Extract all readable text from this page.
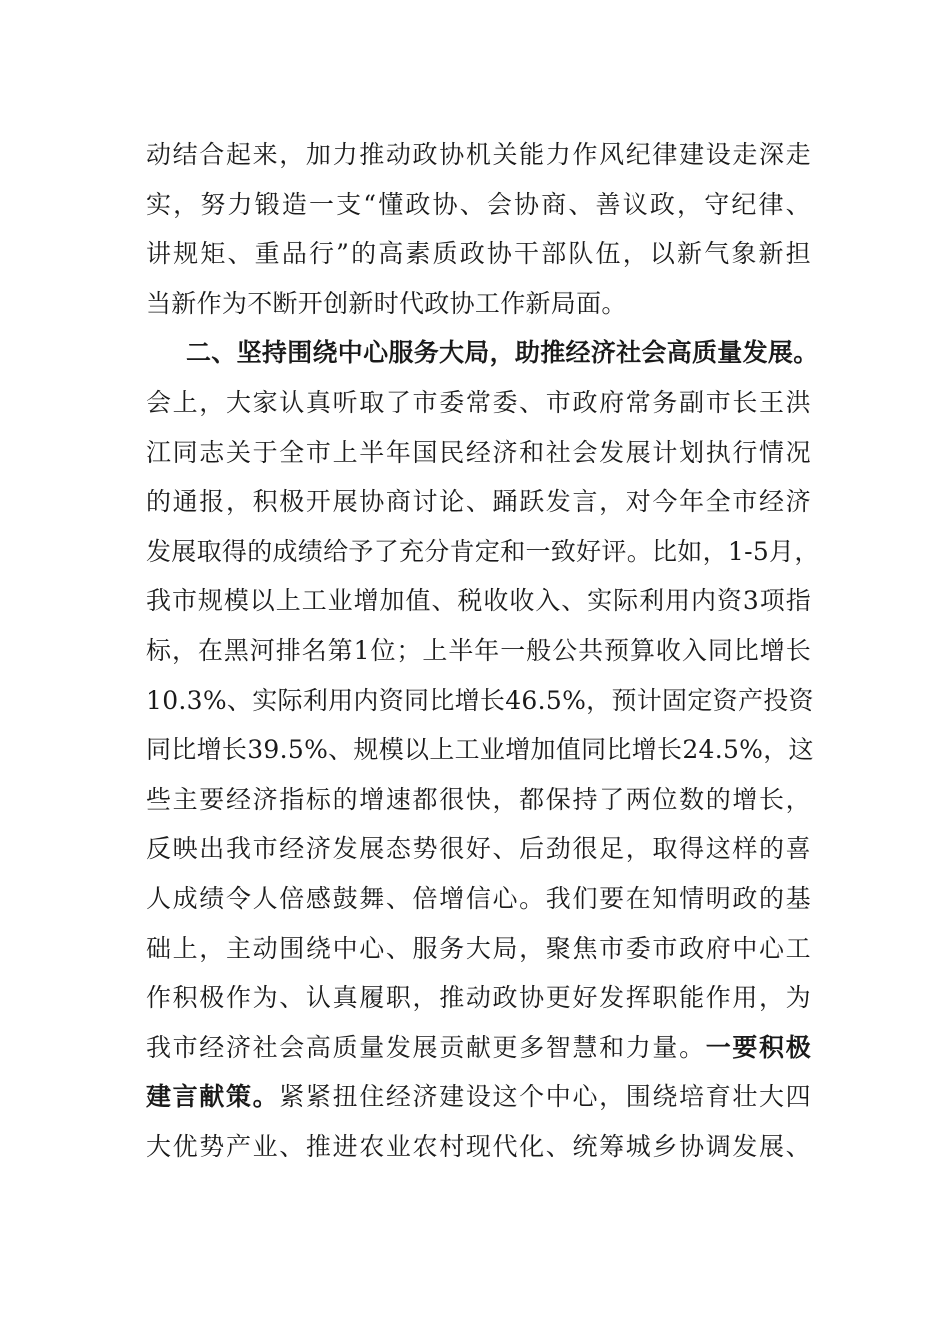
动结合起来，加力推动政协机关能力作风纪律建设走深走
实，努力锻造一支“懂政协、会协商、善议政，守纪律、
讲规矩、重品行”的高素质政协干部队伍，以新气象新担
当新作为不断开创新时代政协工作新局面。
二、坚持围绕中心服务大局，助推经济社会高质量发展。
会上，大家认真听取了市委常委、市政府常务副市长王洪
江同志关于全市上半年国民经济和社会发展计划执行情况
的通报，积极开展协商讨论、踊跃发言，对今年全市经济
发展取得的成绩给予了充分肯定和一致好评。比如，1-5月，
我市规模以上工业增加值、税收收入、实际利用内资3项指
标，在黑河排名第1位；上半年一般公共预算收入同比增长
10.3%、实际利用内资同比增长46.5%，预计固定资产投资
同比增长39.5%、规模以上工业增加值同比增长24.5%，这
些主要经济指标的增速都很快，都保持了两位数的增长，
反映出我市经济发展态势很好、后劲很足，取得这样的喜
人成绩令人倍感鼓舞、倍增信心。我们要在知情明政的基
础上，主动围绕中心、服务大局，聚焦市委市政府中心工
作积极作为、认真履职，推动政协更好发挥职能作用，为
我市经济社会高质量发展贡献更多智慧和力量。一要积极
建言献策。紧紧扭住经济建设这个中心，围绕培育壮大四
大优势产业、推进农业农村现代化、统筹城乡协调发展、
